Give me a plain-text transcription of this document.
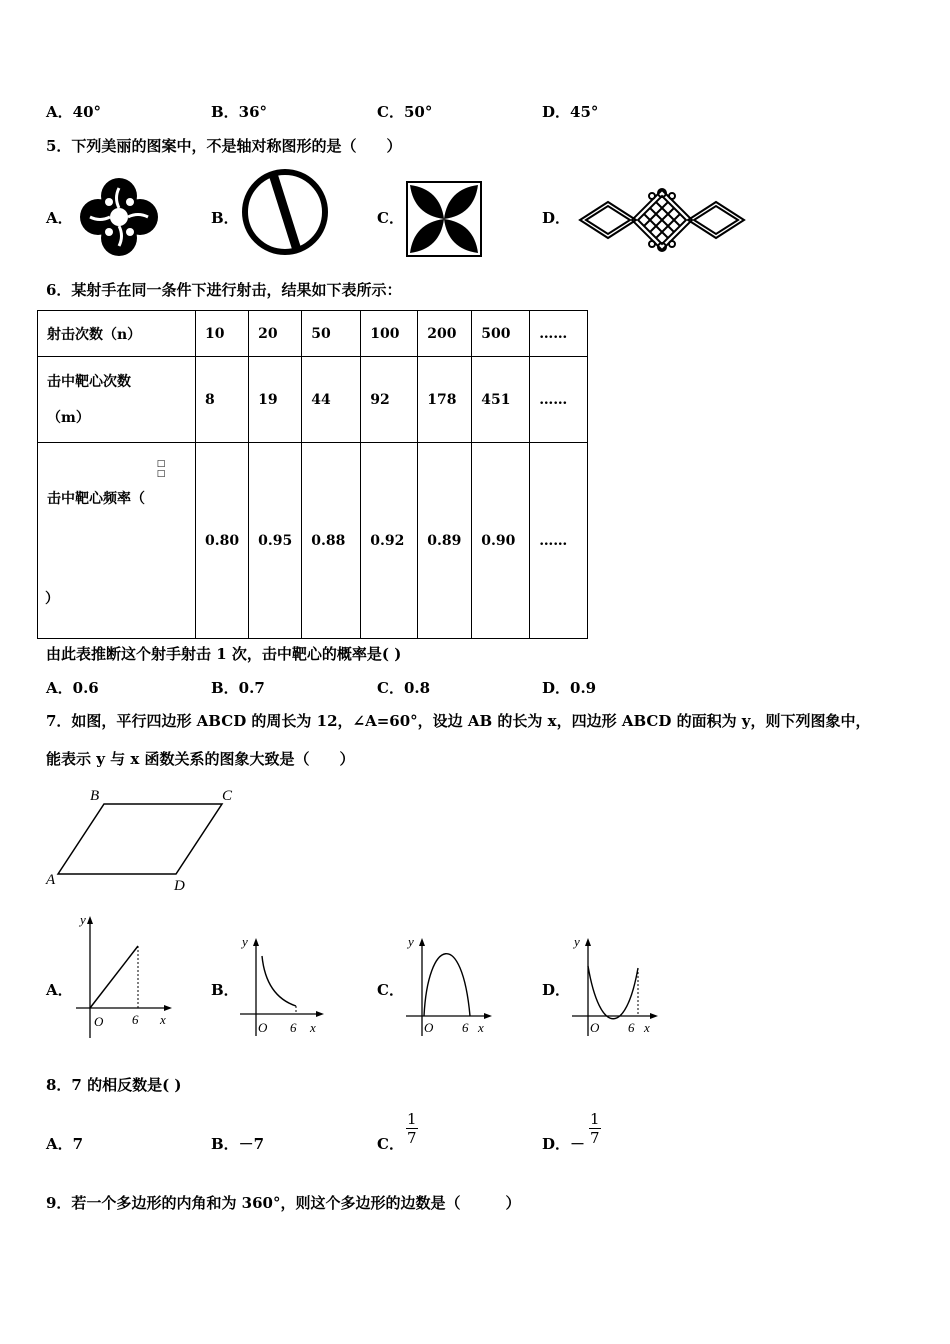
A．40°	B．36°	C．50°	D．45°
5．下列美丽的图案中，不是轴对称图形的是（　　）
A．	B．	C．	D．
6．某射手在同一条件下进行射击，结果如下表所示：
射击次数（n）	10	20	50	100	200	500	……

击中靶心次数
（m）	8	19	44	92	178	451	……

□
□
击中靶心频率（
）	0.80	0.95	0.88	0.92	0.89	0.90	……
由此表推断这个射手射击 1 次，击中靶心的概率是( )
A．0.6	B．0.7	C．0.8	D．0.9
7．如图，平行四边形 ABCD 的周长为 12，∠A=60°，设边 AB 的长为 x，四边形 ABCD 的面积为 y，则下列图象中，
能表示 y 与 x 函数关系的图象大致是（　　）
A
B	C
D
A．	B．	C．	D．
y
O 6 x
y
O 6 x
y
O 6 x
y
O 6 x
8．7 的相反数是( )
A．7	B．－7	C． $\frac{1}{7}$	D．－ $\frac{1}{7}$
9．若一个多边形的内角和为 360°，则这个多边形的边数是（　　　）
